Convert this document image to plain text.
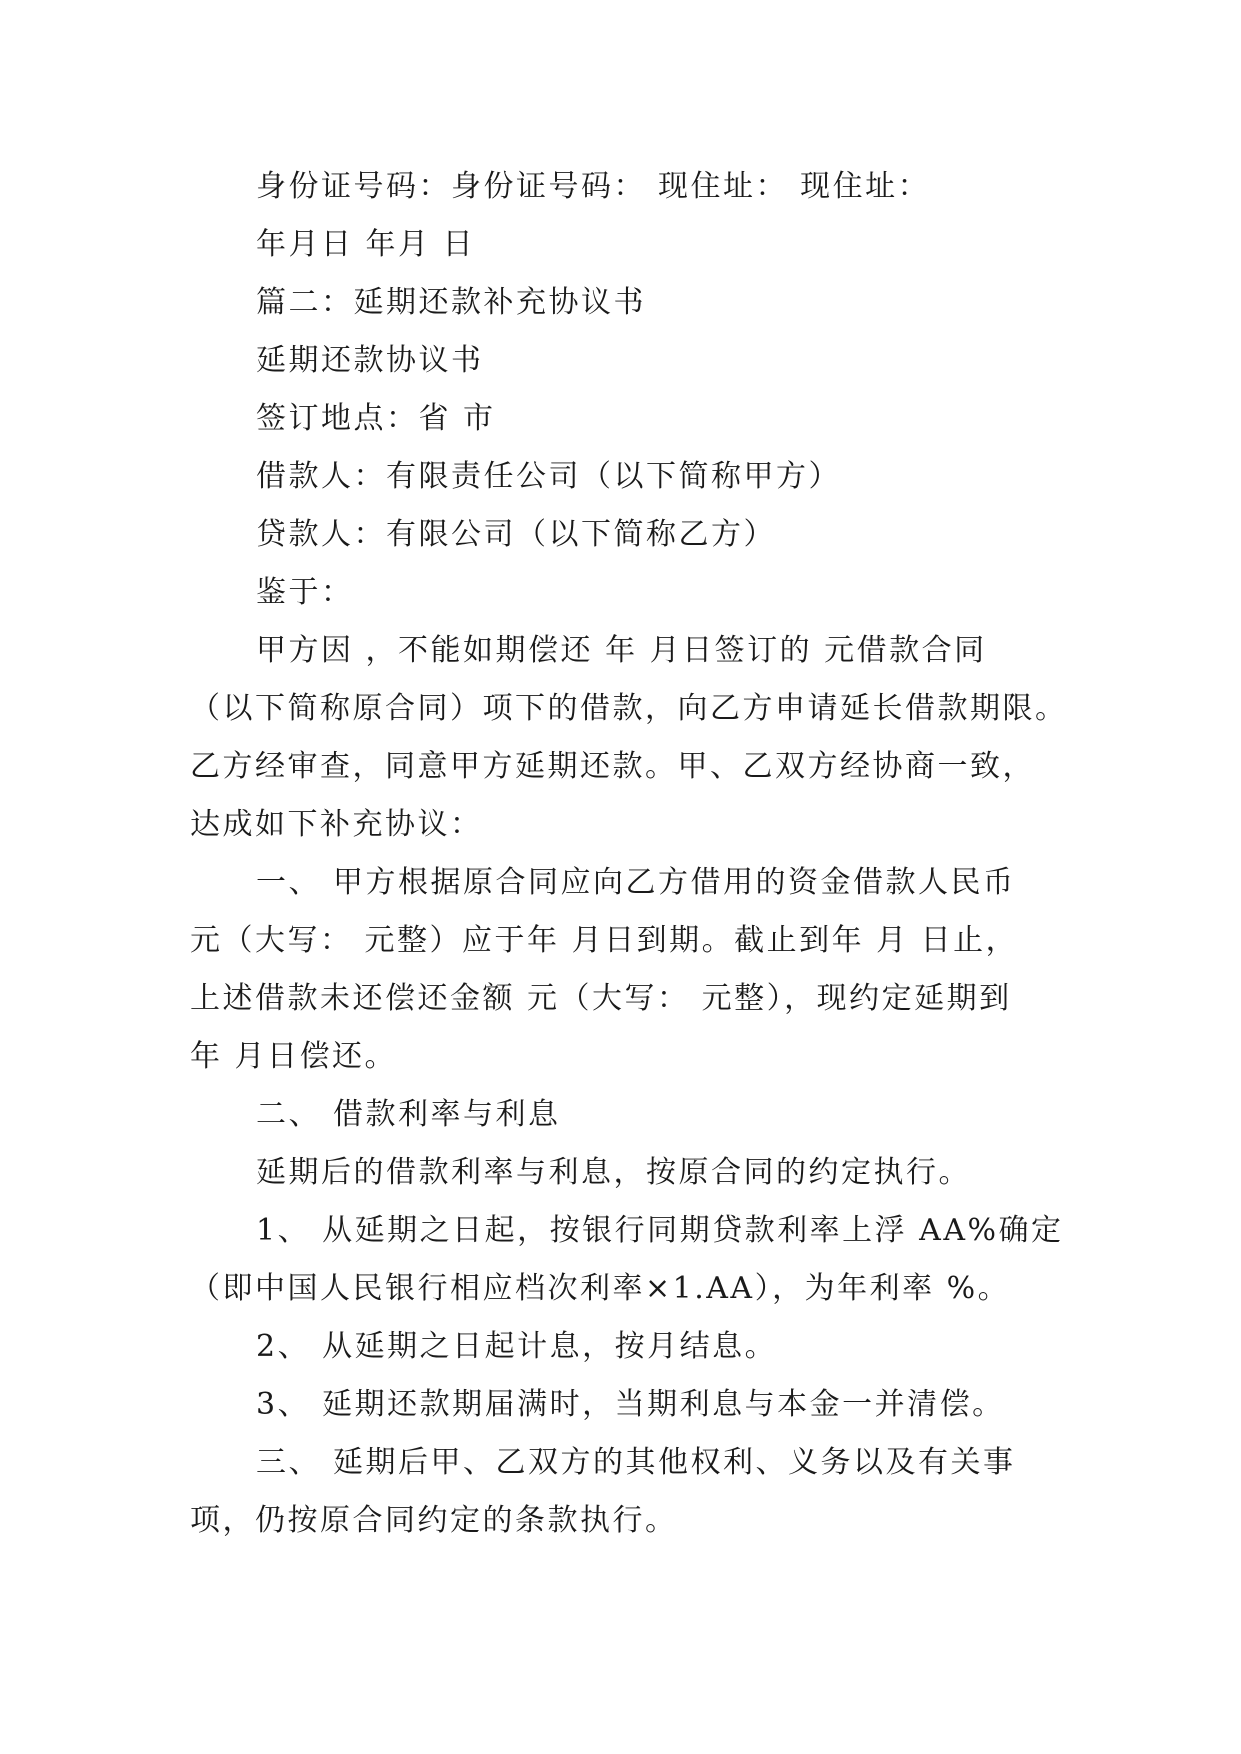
身份证号码：身份证号码： 现住址： 现住址：
年月日 年月 日
篇二：延期还款补充协议书
延期还款协议书
签订地点：省 市
借款人：有限责任公司（以下简称甲方）
贷款人：有限公司（以下简称乙方）
鉴于：
甲方因 ，不能如期偿还 年 月日签订的 元借款合同
（以下简称原合同）项下的借款，向乙方申请延长借款期限。
乙方经审查，同意甲方延期还款。甲、乙双方经协商一致，
达成如下补充协议：
一、 甲方根据原合同应向乙方借用的资金借款人民币
元（大写： 元整）应于年 月日到期。截止到年 月 日止，
上述借款未还偿还金额 元（大写： 元整），现约定延期到
年 月日偿还。
二、 借款利率与利息
延期后的借款利率与利息，按原合同的约定执行。
1、 从延期之日起，按银行同期贷款利率上浮 AA%确定
（即中国人民银行相应档次利率×1.AA），为年利率 %。
2、 从延期之日起计息，按月结息。
3、 延期还款期届满时，当期利息与本金一并清偿。
三、 延期后甲、乙双方的其他权利、义务以及有关事
项，仍按原合同约定的条款执行。
